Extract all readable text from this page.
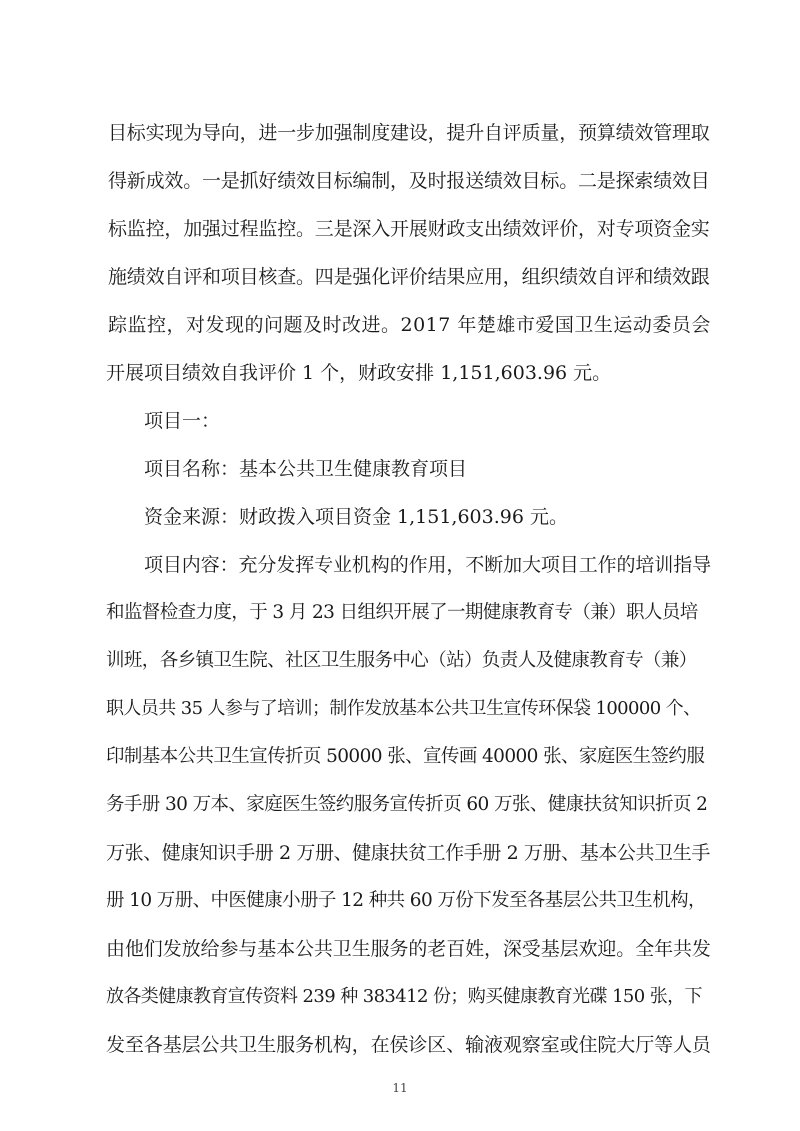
目标实现为导向，进一步加强制度建设，提升自评质量，预算绩效管理取

得新成效。一是抓好绩效目标编制，及时报送绩效目标。二是探索绩效目

标监控，加强过程监控。三是深入开展财政支出绩效评价，对专项资金实

施绩效自评和项目核查。四是强化评价结果应用，组织绩效自评和绩效跟

踪监控，对发现的问题及时改进。2017 年楚雄市爱国卫生运动委员会

开展项目绩效自我评价 1 个，财政安排 1,151,603.96 元。

项目一：

项目名称：基本公共卫生健康教育项目

资金来源：财政拨入项目资金 1,151,603.96 元。

项目内容：充分发挥专业机构的作用，不断加大项目工作的培训指导

和监督检查力度，于 3 月 23 日组织开展了一期健康教育专（兼）职人员培

训班，各乡镇卫生院、社区卫生服务中心（站）负责人及健康教育专（兼）

职人员共 35 人参与了培训；制作发放基本公共卫生宣传环保袋 100000 个、

印制基本公共卫生宣传折页 50000 张、宣传画 40000 张、家庭医生签约服

务手册 30 万本、家庭医生签约服务宣传折页 60 万张、健康扶贫知识折页 2

万张、健康知识手册 2 万册、健康扶贫工作手册 2 万册、基本公共卫生手

册 10 万册、中医健康小册子 12 种共 60 万份下发至各基层公共卫生机构，

由他们发放给参与基本公共卫生服务的老百姓，深受基层欢迎。全年共发

放各类健康教育宣传资料 239 种 383412 份；购买健康教育光碟 150 张，下

发至各基层公共卫生服务机构，在侯诊区、输液观察室或住院大厅等人员

11
